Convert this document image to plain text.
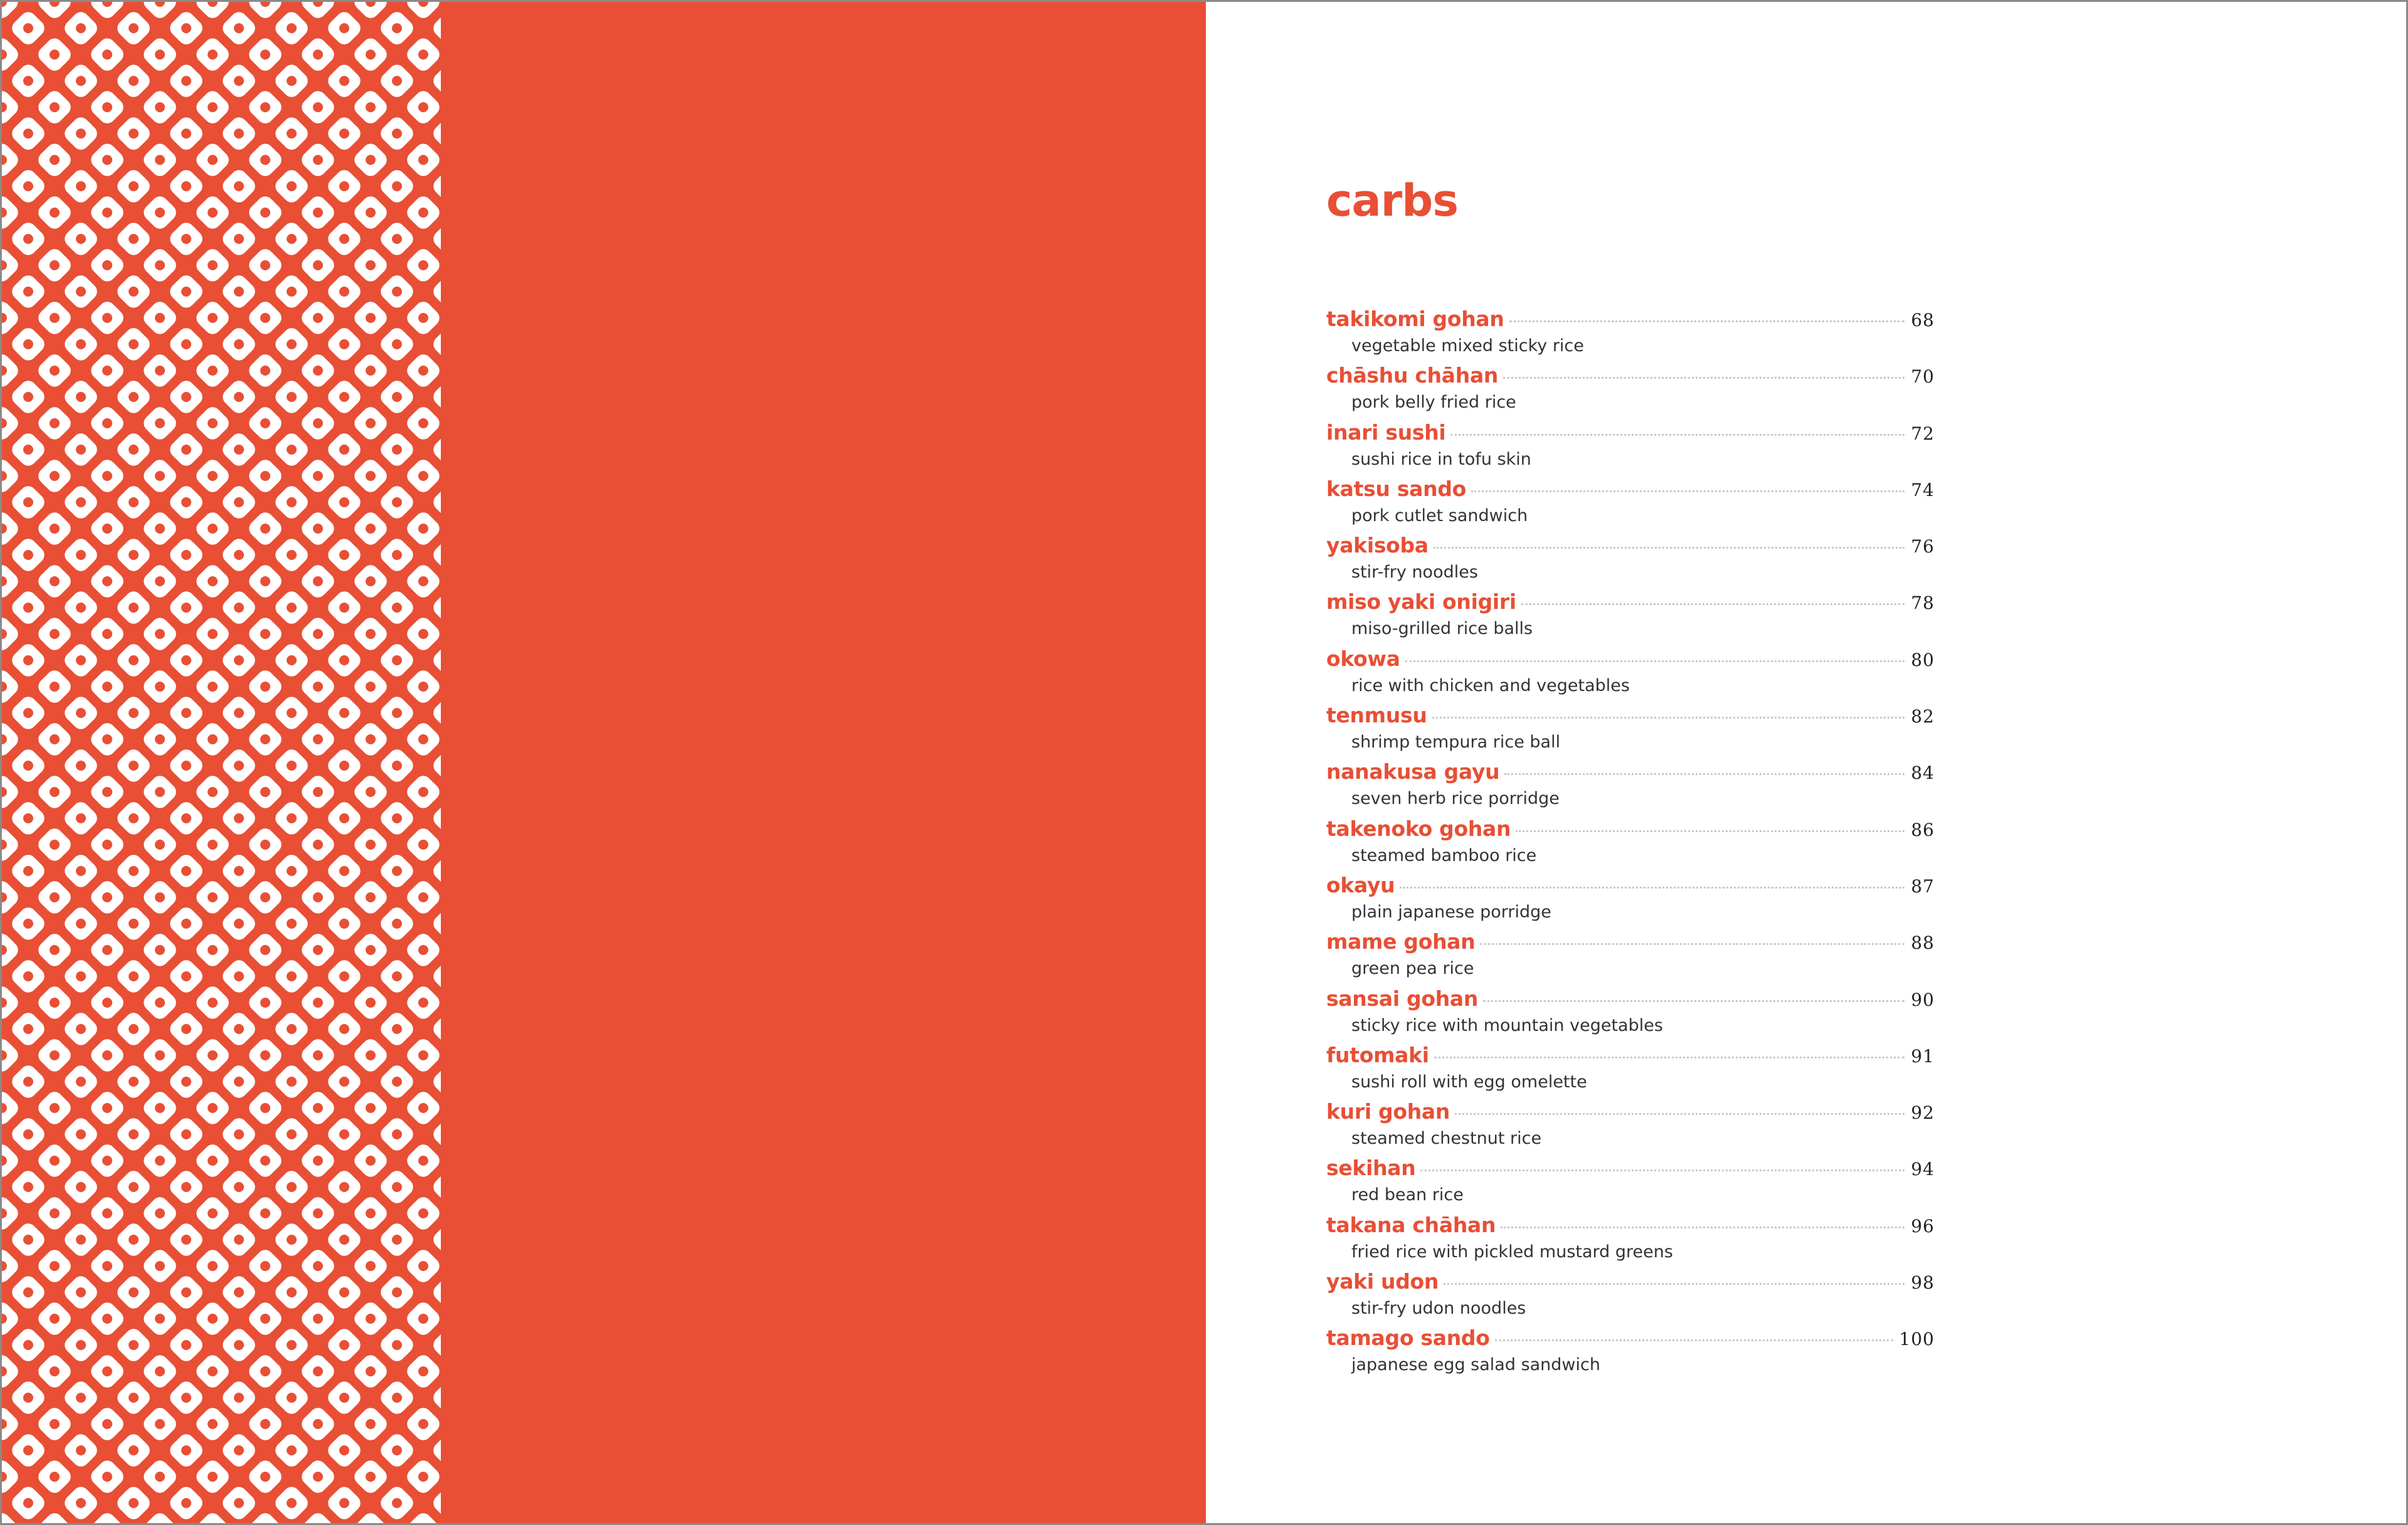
carbs
takikomi gohan	68
vegetable mixed sticky rice
chāshu chāhan	70
pork belly fried rice
inari sushi	72
sushi rice in tofu skin
katsu sando	74
pork cutlet sandwich
yakisoba	76
stir-fry noodles
miso yaki onigiri	78
miso-grilled rice balls
okowa	80
rice with chicken and vegetables
tenmusu	82
shrimp tempura rice ball
nanakusa gayu	84
seven herb rice porridge
takenoko gohan	86
steamed bamboo rice
okayu	87
plain japanese porridge
mame gohan	88
green pea rice
sansai gohan	90
sticky rice with mountain vegetables
futomaki	91
sushi roll with egg omelette
kuri gohan	92
steamed chestnut rice
sekihan	94
red bean rice
takana chāhan	96
fried rice with pickled mustard greens
yaki udon	98
stir-fry udon noodles
tamago sando	100
japanese egg salad sandwich
